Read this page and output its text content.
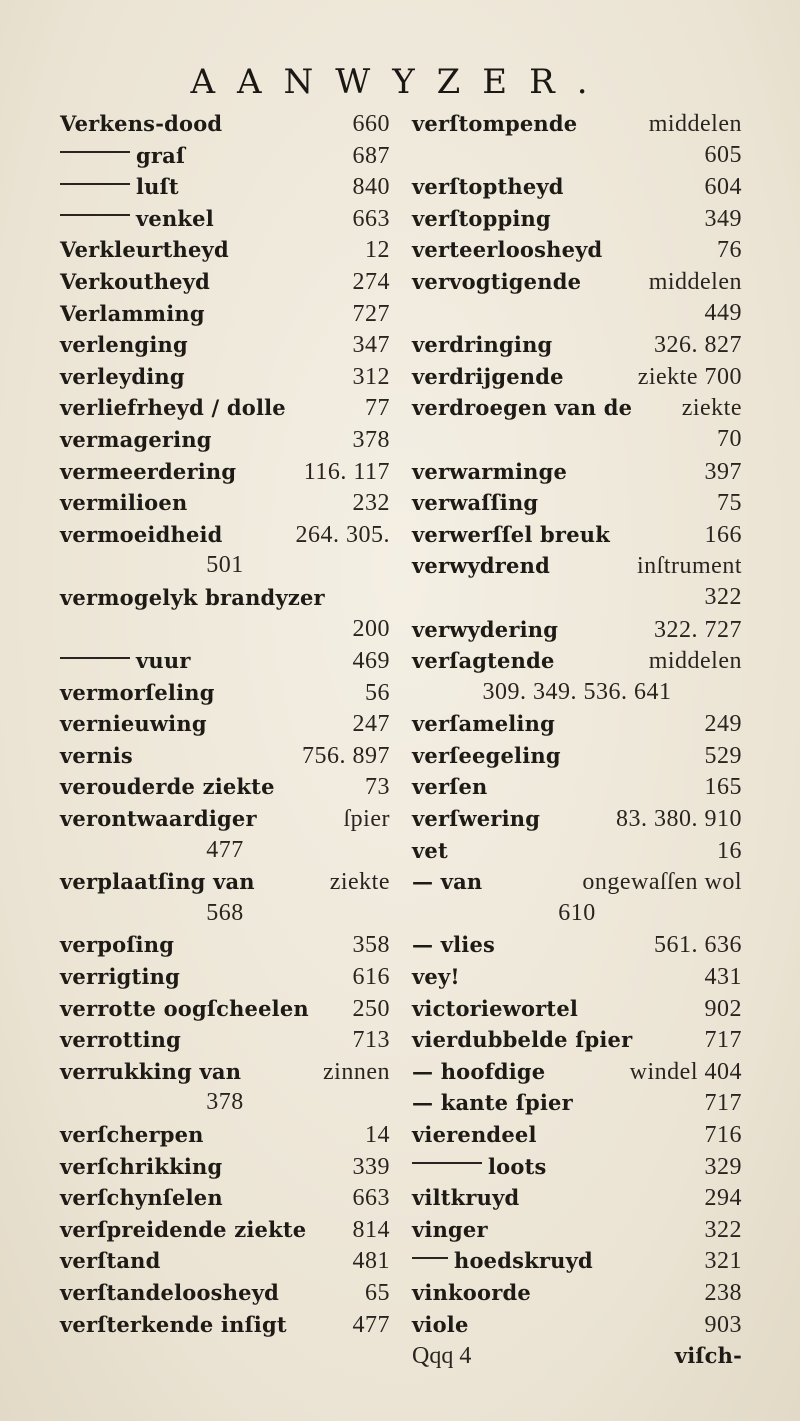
AANWYZER.
Verkens-dood	660
graſ	687
luſt	840
venkel	663
Verkleurtheyd	12
Verkoutheyd	274
Verlamming	727
verlenging	347
verleyding	312
verliefrheyd / dolle	77
vermagering	378
vermeerdering	116. 117
vermilioen	232
vermoeidheid	264. 305.
501
vermogelyk brandyzer
200
vuur	469
vermorſeling	56
vernieuwing	247
vernis	756. 897
verouderde ziekte	73
verontwaardiger	ſpier
477
verplaatſing van	ziekte
568
verpoſing	358
verrigting	616
verrotte oogſcheelen 250
verrotting	713
verrukking van	zinnen
378
verſcherpen	14
verſchrikking	339
verſchynſelen	663
verſpreidende ziekte 814
verſtand	481
verſtandeloosheyd	65
verſterkende inſigt	477
verſtompende	middelen
605
verſtoptheyd	604
verſtopping	349
verteerloosheyd	76
vervogtigende	middelen
449
verdringing	326. 827
verdrĳgende	ziekte 700
verdroegen van de ziekte
70
verwarminge	397
verwaſſing	75
verwerſſel breuk	166
verwydrend	inſtrument
322
verwydering	322. 727
verſagtende	middelen
309. 349. 536. 641
verſameling	249
verſeegeling	529
verſen	165
verſwering	83. 380. 910
vet	16
— van	ongewaſſen wol
610
— vlies	561. 636
vey!	431
victoriewortel	902
vierdubbelde ſpier	717
— hoofdige	windel 404
— kante ſpier	717
vierendeel	716
loots	329
viltkruyd	294
vinger	322
hoedskruyd	321
vinkoorde	238
viole	903
Qqq 4	viſch-
